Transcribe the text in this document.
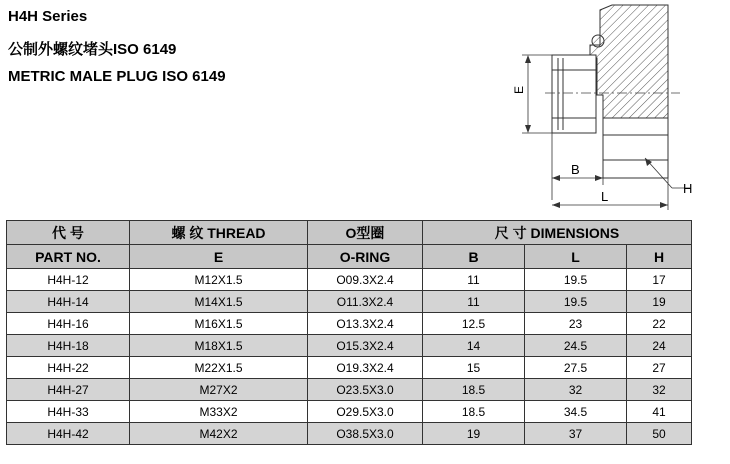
H4H Series
公制外螺纹堵头ISO 6149
METRIC MALE PLUG ISO 6149
E
B
L
H
代 号	螺 纹 THREAD	O型圈	尺 寸 DIMENSIONS		
PART NO.	E	O-RING	B	L	H
H4H-12	M12X1.5	O09.3X2.4	11	19.5	17
H4H-14	M14X1.5	O11.3X2.4	11	19.5	19
H4H-16	M16X1.5	O13.3X2.4	12.5	23	22
H4H-18	M18X1.5	O15.3X2.4	14	24.5	24
H4H-22	M22X1.5	O19.3X2.4	15	27.5	27
H4H-27	M27X2	O23.5X3.0	18.5	32	32
H4H-33	M33X2	O29.5X3.0	18.5	34.5	41
H4H-42	M42X2	O38.5X3.0	19	37	50
